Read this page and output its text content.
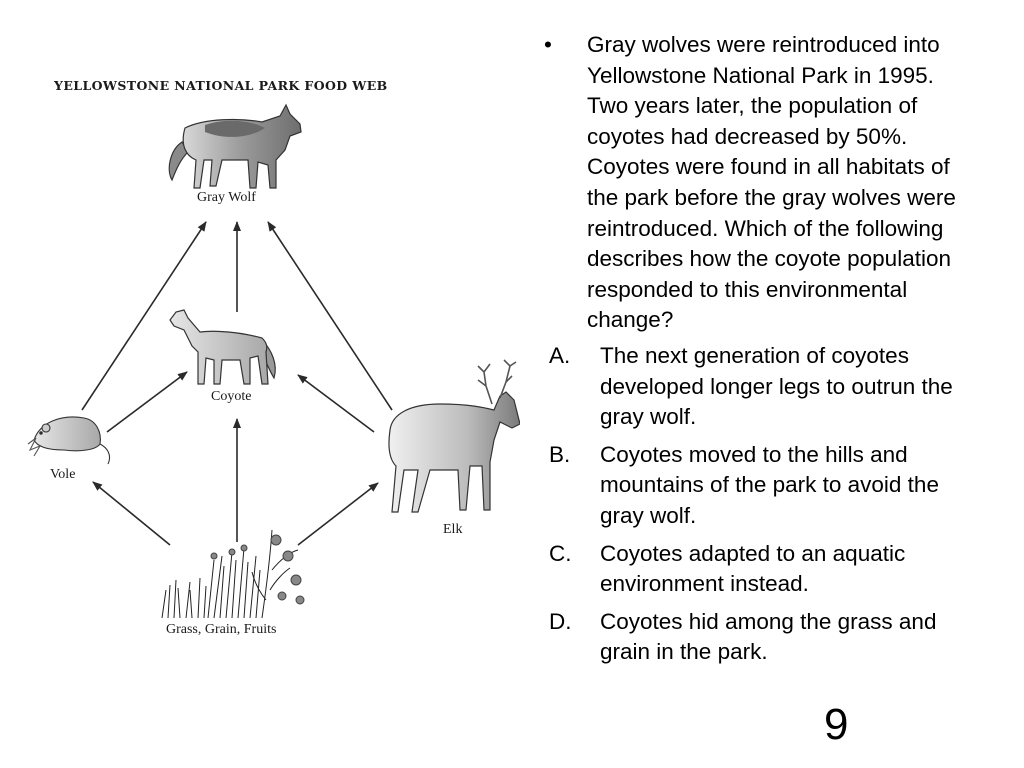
YELLOWSTONE NATIONAL PARK FOOD WEB
Gray Wolf
Coyote
Vole
Elk
Grass, Grain, Fruits
• Gray wolves were reintroduced into Yellowstone National Park in 1995. Two years later, the population of coyotes had decreased by 50%. Coyotes were found in all habitats of the park before the gray wolves were reintroduced. Which of the following describes how the coyote population responded to this environmental change?
A. The next generation of coyotes developed longer legs to outrun the gray wolf.
B. Coyotes moved to the hills and mountains of the park to avoid the gray wolf.
C. Coyotes adapted to an aquatic environment instead.
D. Coyotes hid among the grass and grain in the park.
9
